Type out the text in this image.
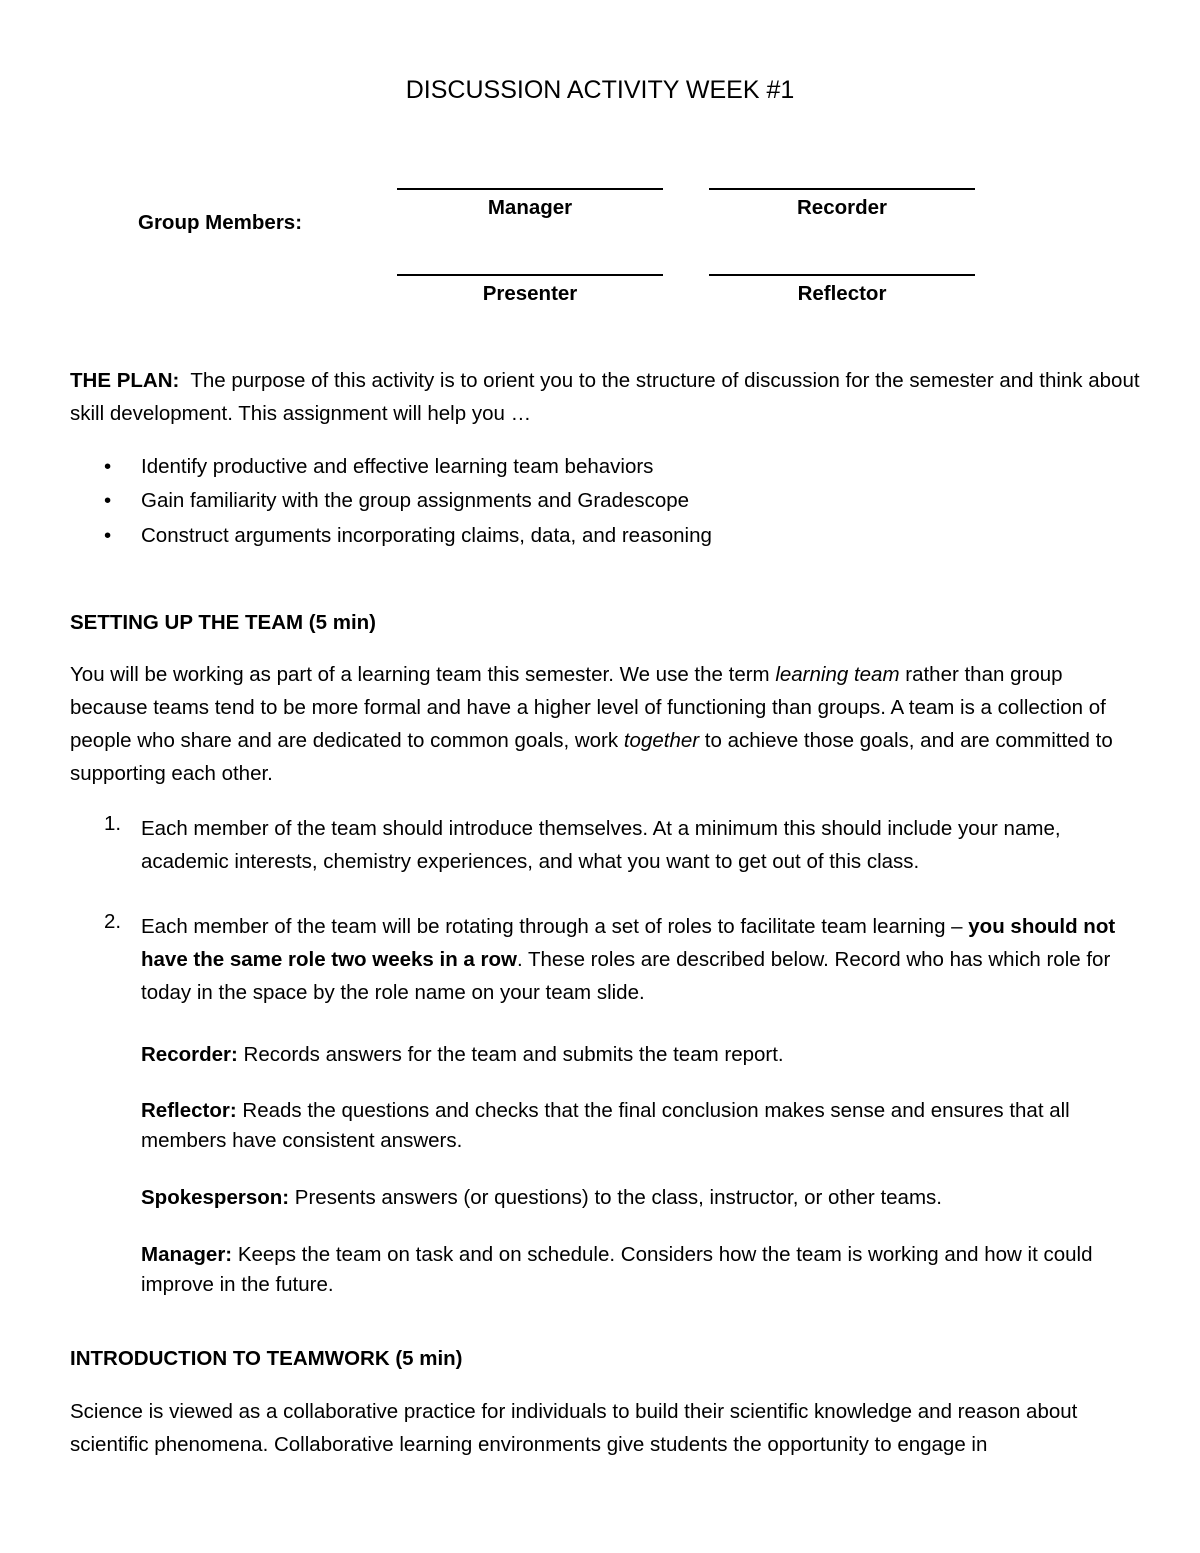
DISCUSSION ACTIVITY WEEK #1
Group Members:
Manager	Recorder
Presenter	Reflector
THE PLAN: The purpose of this activity is to orient you to the structure of discussion for the semester and think about skill development. This assignment will help you …
• Identify productive and effective learning team behaviors
• Gain familiarity with the group assignments and Gradescope
• Construct arguments incorporating claims, data, and reasoning
SETTING UP THE TEAM (5 min)
You will be working as part of a learning team this semester. We use the term learning team rather than group because teams tend to be more formal and have a higher level of functioning than groups. A team is a collection of people who share and are dedicated to common goals, work together to achieve those goals, and are committed to supporting each other.
1. Each member of the team should introduce themselves. At a minimum this should include your name, academic interests, chemistry experiences, and what you want to get out of this class.
2. Each member of the team will be rotating through a set of roles to facilitate team learning – you should not have the same role two weeks in a row. These roles are described below. Record who has which role for today in the space by the role name on your team slide.
Recorder: Records answers for the team and submits the team report.
Reflector: Reads the questions and checks that the final conclusion makes sense and ensures that all members have consistent answers.
Spokesperson: Presents answers (or questions) to the class, instructor, or other teams.
Manager: Keeps the team on task and on schedule. Considers how the team is working and how it could improve in the future.
INTRODUCTION TO TEAMWORK (5 min)
Science is viewed as a collaborative practice for individuals to build their scientific knowledge and reason about scientific phenomena. Collaborative learning environments give students the opportunity to engage in
